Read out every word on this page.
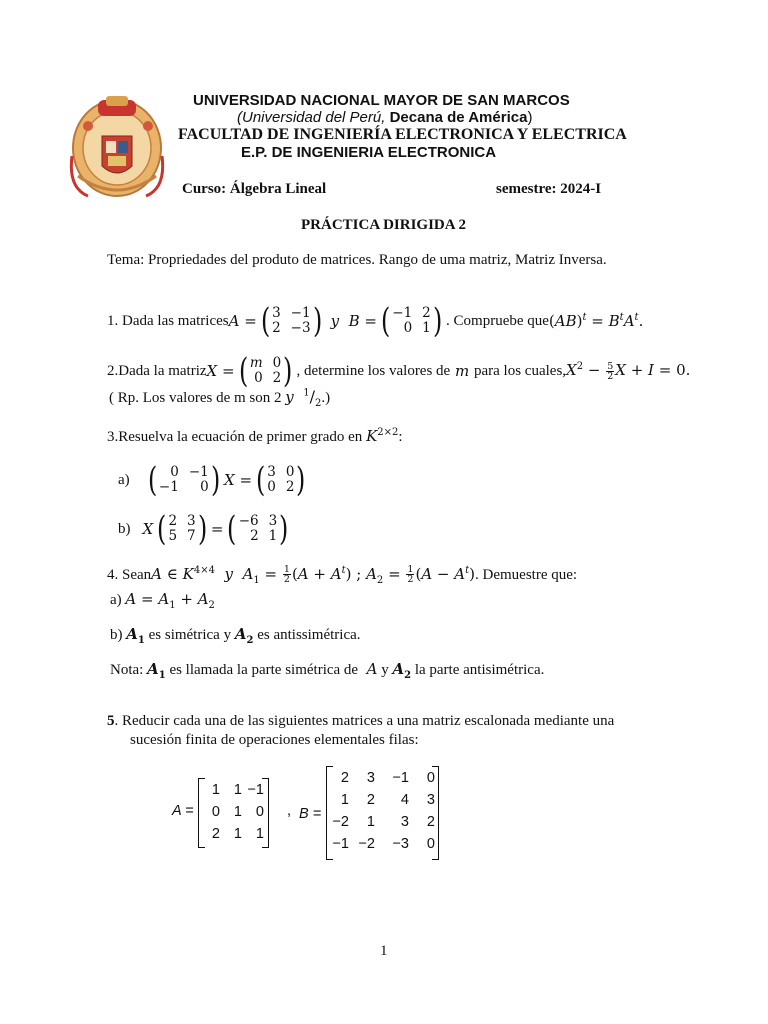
UNIVERSIDAD NACIONAL MAYOR DE SAN MARCOS
(Universidad del Perú, Decana de América)
FACULTAD DE INGENIERÍA ELECTRONICA Y ELECTRICA
E.P. DE INGENIERIA ELECTRONICA
Curso: Álgebra Lineal	semestre: 2024-I
PRÁCTICA DIRIGIDA 2
Tema: Propriedades del produto de matrices. Rango de uma matriz, Matriz Inversa.
1. Dada las matrices A = ( 3 −1
2 −3 ) y B = ( −1 2
0 1 ) . Compruebe que $(AB)^t = B^tA^t$.
2.Dada la matriz X = ( m 0
0 2 ) , determine los valores de m para los cuales, $X^2 - \frac{5}{2}$ X + I = 0.
( Rp. Los valores de m son 2 y  $^1/_2$.)
3.Resuelva la ecuación de primer grado en $K^{2\times 2}$:
a) ( 0 −1
−1	0 ) X = ( 3 0
0 2 )
b) X ( 2 3
5 7 ) = ( −6 3
2 1 )
4. Sean A ∈ $K^{4\times 4}$ y $A_1 = \frac{1}{2} (A + A^t)$ ; $A_2 = \frac{1}{2} (A - A^t)$ . Demuestre que:
a) $A = A_1 + A_2$
b) $A_1$ es simétrica y $A_2$ es antissimétrica.
Nota: $A_1$ es llamada la parte simétrica de  A y $A_2$ la parte antisimétrica.
5. Reducir cada una de las siguientes matrices a una matriz escalonada mediante una
sucesión finita de operaciones elementales filas:
A =
1 1 −1
0 1 0
2 1 1
, B =
2	3	−1	0
1	2	4	3
−2	1	3	2
−1 −2	−3	0
1
